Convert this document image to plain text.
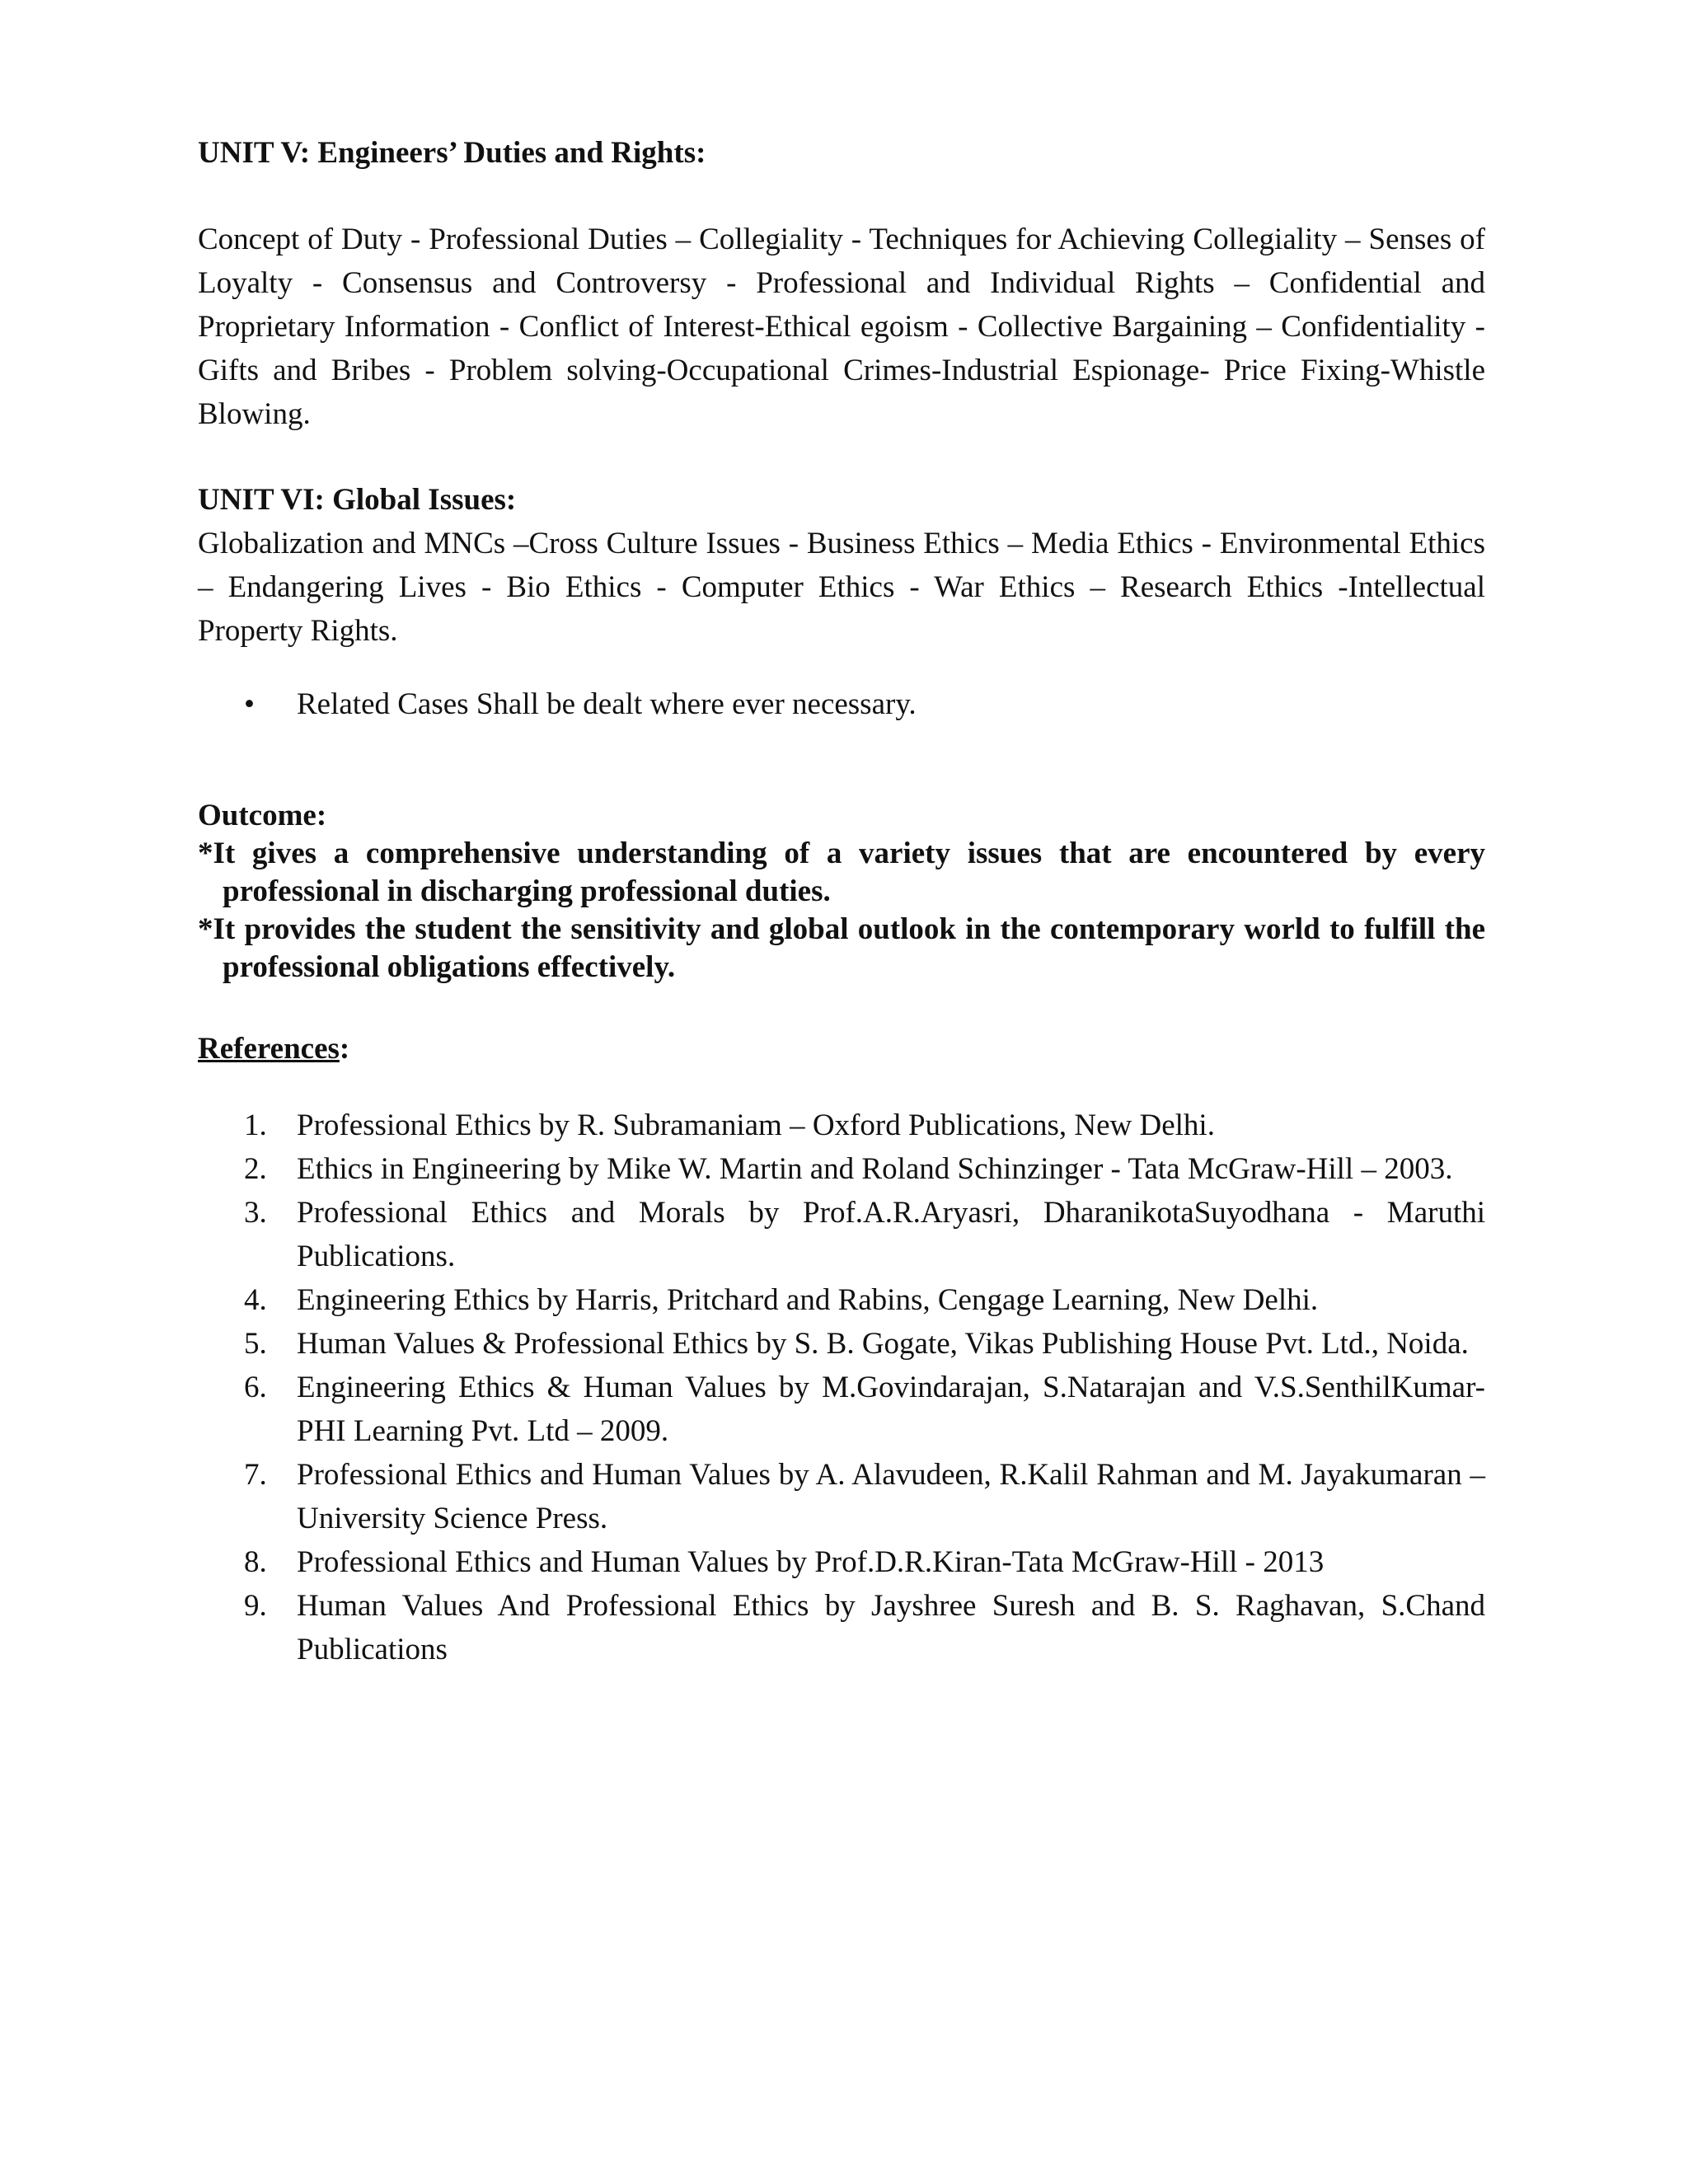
UNIT V: Engineers’ Duties and Rights:

Concept of Duty - Professional Duties – Collegiality - Techniques for Achieving Collegiality – Senses of Loyalty - Consensus and Controversy - Professional and Individual Rights – Confidential and Proprietary Information - Conflict of Interest-Ethical egoism - Collective Bargaining – Confidentiality - Gifts and Bribes - Problem solving-Occupational Crimes-Industrial Espionage- Price Fixing-Whistle Blowing.

UNIT VI: Global Issues:

Globalization and MNCs –Cross Culture Issues - Business Ethics – Media Ethics - Environmental Ethics – Endangering Lives - Bio Ethics - Computer Ethics - War Ethics – Research Ethics -Intellectual Property Rights.

• Related Cases Shall be dealt where ever necessary.

Outcome:

*It gives a comprehensive understanding of a variety issues that are encountered by every professional in discharging professional duties.
*It provides the student the sensitivity and global outlook in the contemporary world to fulfill the professional obligations effectively.

References:

1. Professional Ethics by R. Subramaniam – Oxford Publications, New Delhi.
2. Ethics in Engineering by Mike W. Martin and Roland Schinzinger - Tata McGraw-Hill – 2003.
3. Professional Ethics and Morals by Prof.A.R.Aryasri, DharanikotaSuyodhana - Maruthi Publications.
4. Engineering Ethics by Harris, Pritchard and Rabins, Cengage Learning, New Delhi.
5. Human Values & Professional Ethics by S. B. Gogate, Vikas Publishing House Pvt. Ltd., Noida.
6. Engineering Ethics & Human Values by M.Govindarajan, S.Natarajan and V.S.SenthilKumar-PHI Learning Pvt. Ltd – 2009.
7. Professional Ethics and Human Values by A. Alavudeen, R.Kalil Rahman and M. Jayakumaran – University Science Press.
8. Professional Ethics and Human Values by Prof.D.R.Kiran-Tata McGraw-Hill - 2013
9. Human Values And Professional Ethics by Jayshree Suresh and B. S. Raghavan, S.Chand Publications
